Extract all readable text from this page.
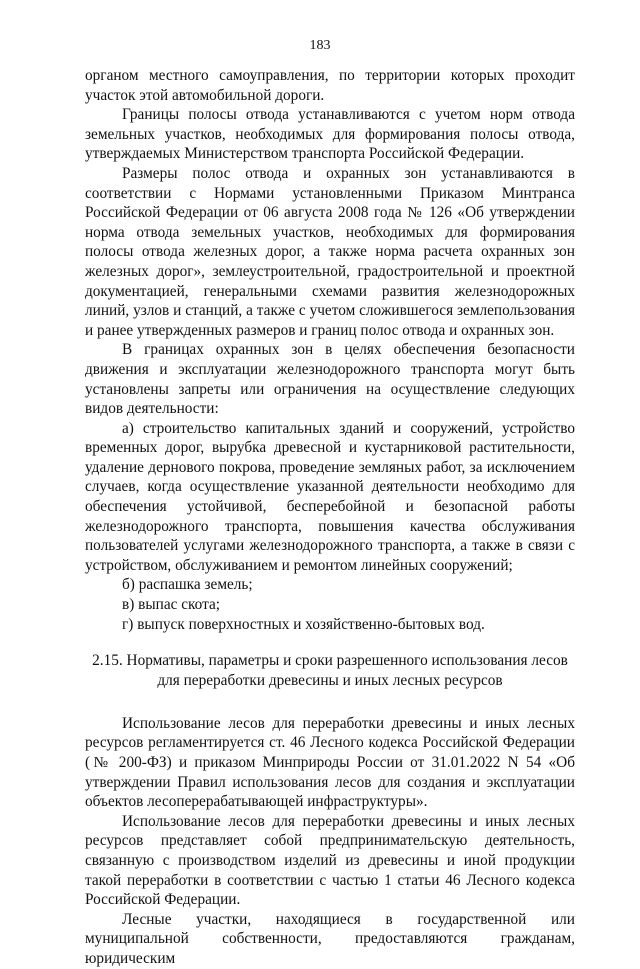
183

органом местного самоуправления, по территории которых проходит участок этой автомобильной дороги.

Границы полосы отвода устанавливаются с учетом норм отвода земельных участков, необходимых для формирования полосы отвода, утверждаемых Министерством транспорта Российской Федерации.

Размеры полос отвода и охранных зон устанавливаются в соответствии с Нормами установленными Приказом Минтранса Российской Федерации от 06 августа 2008 года № 126 «Об утверждении норма отвода земельных участков, необходимых для формирования полосы отвода железных дорог, а также норма расчета охранных зон железных дорог», землеустроительной, градостроительной и проектной документацией, генеральными схемами развития железнодорожных линий, узлов и станций, а также с учетом сложившегося землепользования и ранее утвержденных размеров и границ полос отвода и охранных зон.

В границах охранных зон в целях обеспечения безопасности движения и эксплуатации железнодорожного транспорта могут быть установлены запреты или ограничения на осуществление следующих видов деятельности:

а) строительство капитальных зданий и сооружений, устройство временных дорог, вырубка древесной и кустарниковой растительности, удаление дернового покрова, проведение земляных работ, за исключением случаев, когда осуществление указанной деятельности необходимо для обеспечения устойчивой, бесперебойной и безопасной работы железнодорожного транспорта, повышения качества обслуживания пользователей услугами железнодорожного транспорта, а также в связи с устройством, обслуживанием и ремонтом линейных сооружений;

б) распашка земель;

в) выпас скота;

г) выпуск поверхностных и хозяйственно-бытовых вод.

2.15. Нормативы, параметры и сроки разрешенного использования лесов
для переработки древесины и иных лесных ресурсов

Использование лесов для переработки древесины и иных лесных ресурсов регламентируется ст. 46 Лесного кодекса Российской Федерации (№ 200-ФЗ) и приказом Минприроды России от 31.01.2022 N 54 «Об утверждении Правил использования лесов для создания и эксплуатации объектов лесоперерабатывающей инфраструктуры».

Использование лесов для переработки древесины и иных лесных ресурсов представляет собой предпринимательскую деятельность, связанную с производством изделий из древесины и иной продукции такой переработки в соответствии с частью 1 статьи 46 Лесного кодекса Российской Федерации.

Лесные участки, находящиеся в государственной или муниципальной собственности, предоставляются гражданам, юридическим
